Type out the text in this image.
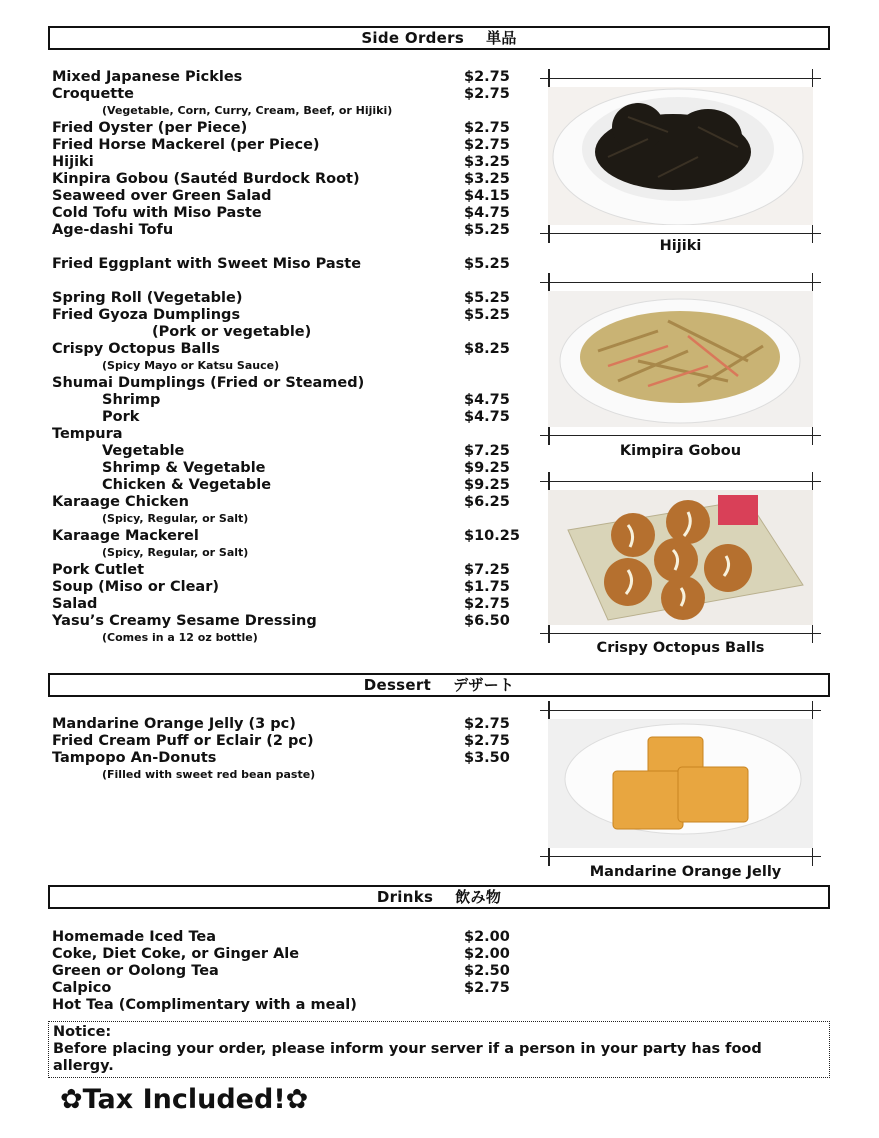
Side Orders 単品
Mixed Japanese Pickles	$2.75
Croquette	$2.75
(Vegetable, Corn, Curry, Cream, Beef, or Hijiki)
Fried Oyster (per Piece)	$2.75
Fried Horse Mackerel (per Piece)	$2.75
Hijiki	$3.25
Kinpira Gobou (Sautéd Burdock Root)	$3.25
Seaweed over Green Salad	$4.15
Cold Tofu with Miso Paste	$4.75
Age-dashi Tofu	$5.25
Fried Eggplant with Sweet Miso Paste	$5.25
Spring Roll (Vegetable)	$5.25
Fried Gyoza Dumplings	$5.25
(Pork or vegetable)
Crispy Octopus Balls	$8.25
(Spicy Mayo or Katsu Sauce)
Shumai Dumplings (Fried or Steamed)
Shrimp	$4.75
Pork	$4.75
Tempura
Vegetable	$7.25
Shrimp & Vegetable	$9.25
Chicken & Vegetable	$9.25
Karaage Chicken	$6.25
(Spicy, Regular, or Salt)
Karaage Mackerel	$10.25
(Spicy, Regular, or Salt)
Pork Cutlet	$7.25
Soup (Miso or Clear)	$1.75
Salad	$2.75
Yasu’s Creamy Sesame Dressing	$6.50
(Comes in a 12 oz bottle)
Hijiki
Kimpira Gobou
Crispy Octopus Balls
Dessert デザート
Mandarine Orange Jelly (3 pc)	$2.75
Fried Cream Puff or Eclair (2 pc)	$2.75
Tampopo An-Donuts	$3.50
(Filled with sweet red bean paste)
Mandarine Orange Jelly
Drinks 飲み物
Homemade Iced Tea	$2.00
Coke, Diet Coke, or Ginger Ale	$2.00
Green or Oolong Tea	$2.50
Calpico	$2.75
Hot Tea (Complimentary with a meal)
Notice:
Before placing your order, please inform your server if a person in your party has food allergy.
✿Tax Included!✿
